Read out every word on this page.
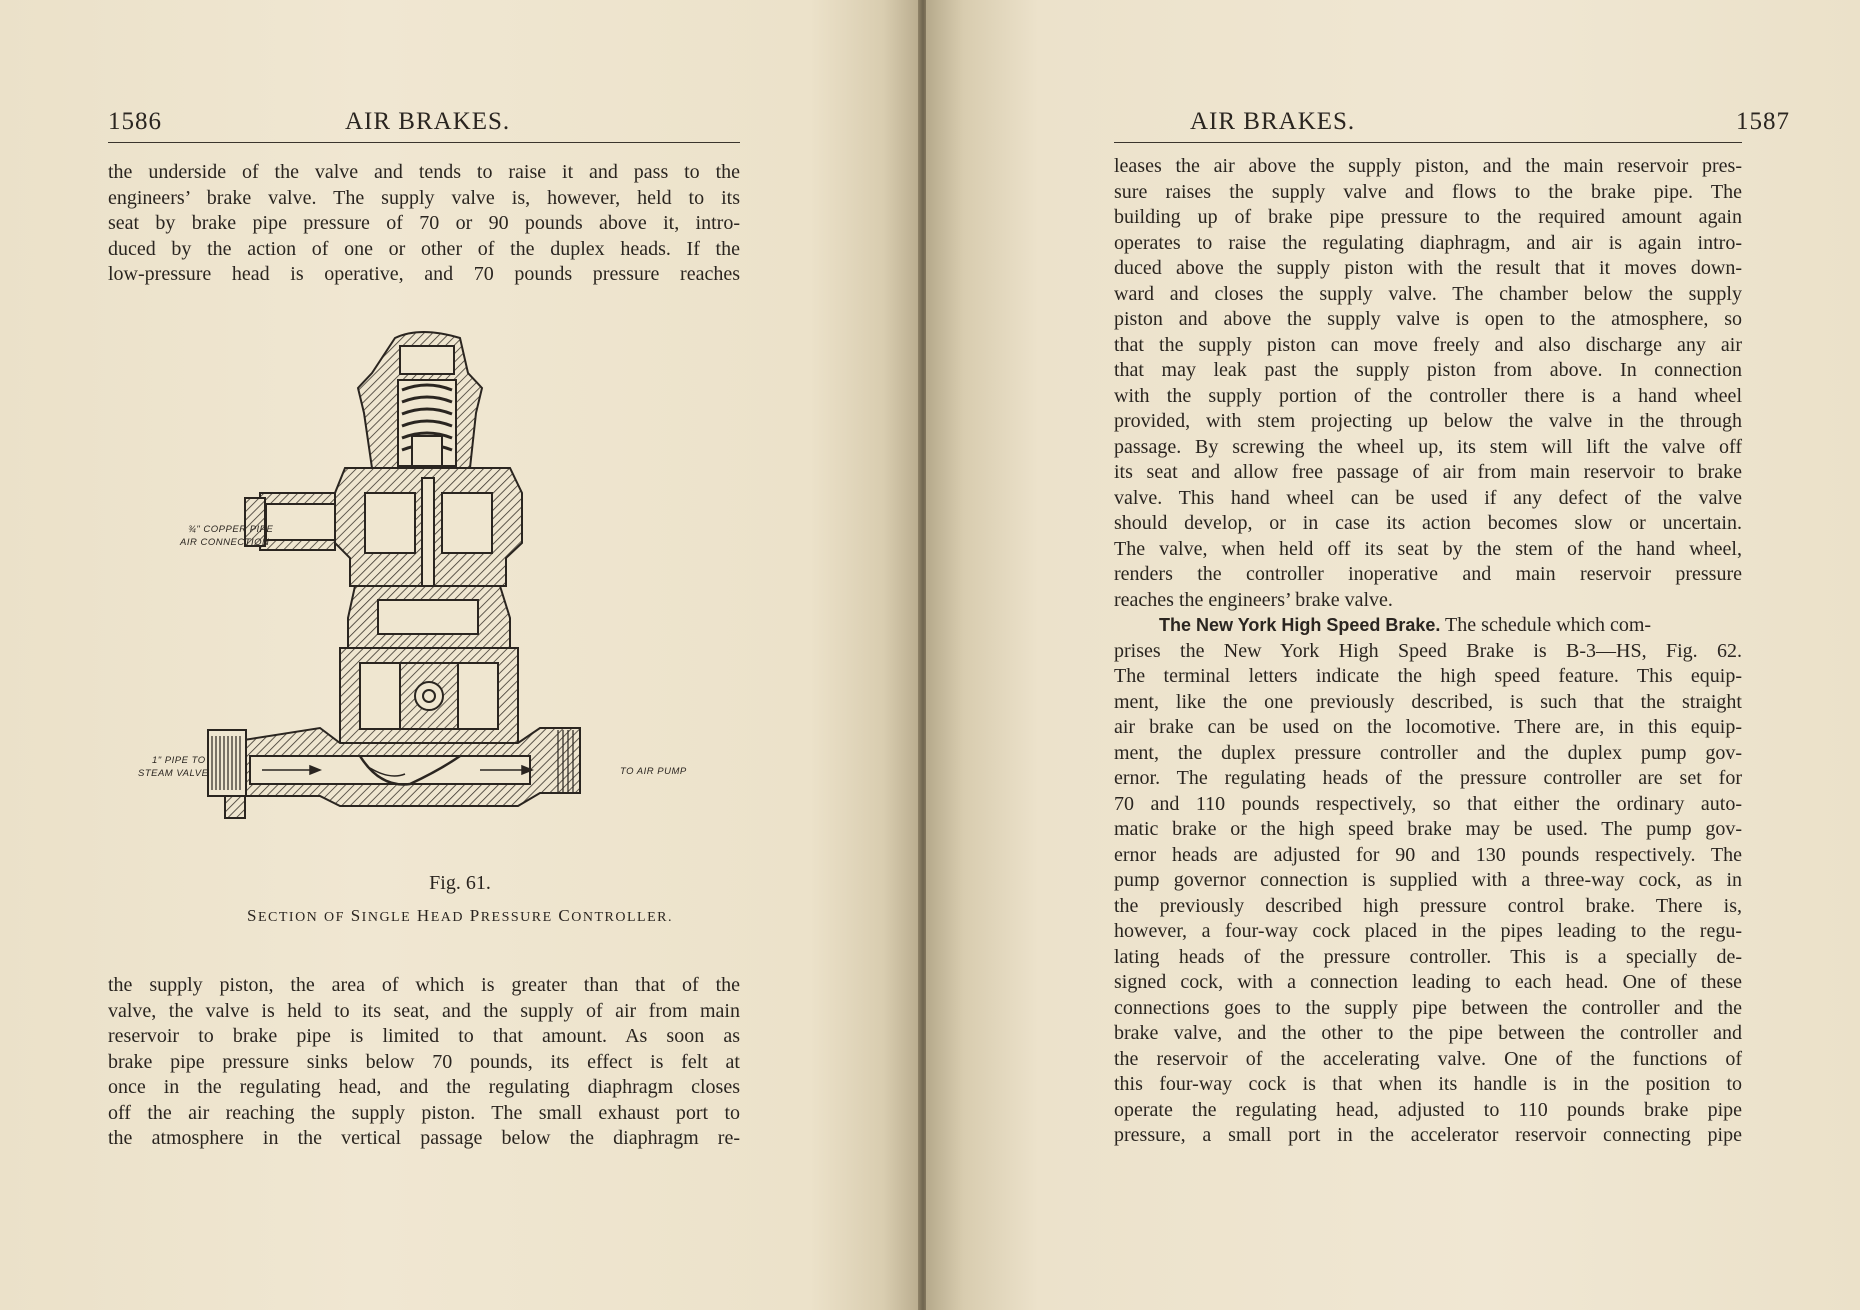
1586	AIR BRAKES.
the underside of the valve and tends to raise it and pass to the
engineers’ brake valve. The supply valve is, however, held to its
seat by brake pipe pressure of 70 or 90 pounds above it, intro-
duced by the action of one or other of the duplex heads. If the
low-pressure head is operative, and 70 pounds pressure reaches
¾" COPPER PIPE
AIR CONNECTION
1" PIPE TO
STEAM VALVE	TO AIR PUMP
Fig. 61.
SECTION OF SINGLE HEAD PRESSURE CONTROLLER.
the supply piston, the area of which is greater than that of the
valve, the valve is held to its seat, and the supply of air from main
reservoir to brake pipe is limited to that amount. As soon as
brake pipe pressure sinks below 70 pounds, its effect is felt at
once in the regulating head, and the regulating diaphragm closes
off the air reaching the supply piston. The small exhaust port to
the atmosphere in the vertical passage below the diaphragm re-
AIR BRAKES.	1587
leases the air above the supply piston, and the main reservoir pres-
sure raises the supply valve and flows to the brake pipe. The
building up of brake pipe pressure to the required amount again
operates to raise the regulating diaphragm, and air is again intro-
duced above the supply piston with the result that it moves down-
ward and closes the supply valve. The chamber below the supply
piston and above the supply valve is open to the atmosphere, so
that the supply piston can move freely and also discharge any air
that may leak past the supply piston from above. In connection
with the supply portion of the controller there is a hand wheel
provided, with stem projecting up below the valve in the through
passage. By screwing the wheel up, its stem will lift the valve off
its seat and allow free passage of air from main reservoir to brake
valve. This hand wheel can be used if any defect of the valve
should develop, or in case its action becomes slow or uncertain.
The valve, when held off its seat by the stem of the hand wheel,
renders the controller inoperative and main reservoir pressure
reaches the engineers’ brake valve.
The New York High Speed Brake. The schedule which com-
prises the New York High Speed Brake is B-3—HS, Fig. 62.
The terminal letters indicate the high speed feature. This equip-
ment, like the one previously described, is such that the straight
air brake can be used on the locomotive. There are, in this equip-
ment, the duplex pressure controller and the duplex pump gov-
ernor. The regulating heads of the pressure controller are set for
70 and 110 pounds respectively, so that either the ordinary auto-
matic brake or the high speed brake may be used. The pump gov-
ernor heads are adjusted for 90 and 130 pounds respectively. The
pump governor connection is supplied with a three-way cock, as in
the previously described high pressure control brake. There is,
however, a four-way cock placed in the pipes leading to the regu-
lating heads of the pressure controller. This is a specially de-
signed cock, with a connection leading to each head. One of these
connections goes to the supply pipe between the controller and the
brake valve, and the other to the pipe between the controller and
the reservoir of the accelerating valve. One of the functions of
this four-way cock is that when its handle is in the position to
operate the regulating head, adjusted to 110 pounds brake pipe
pressure, a small port in the accelerator reservoir connecting pipe
